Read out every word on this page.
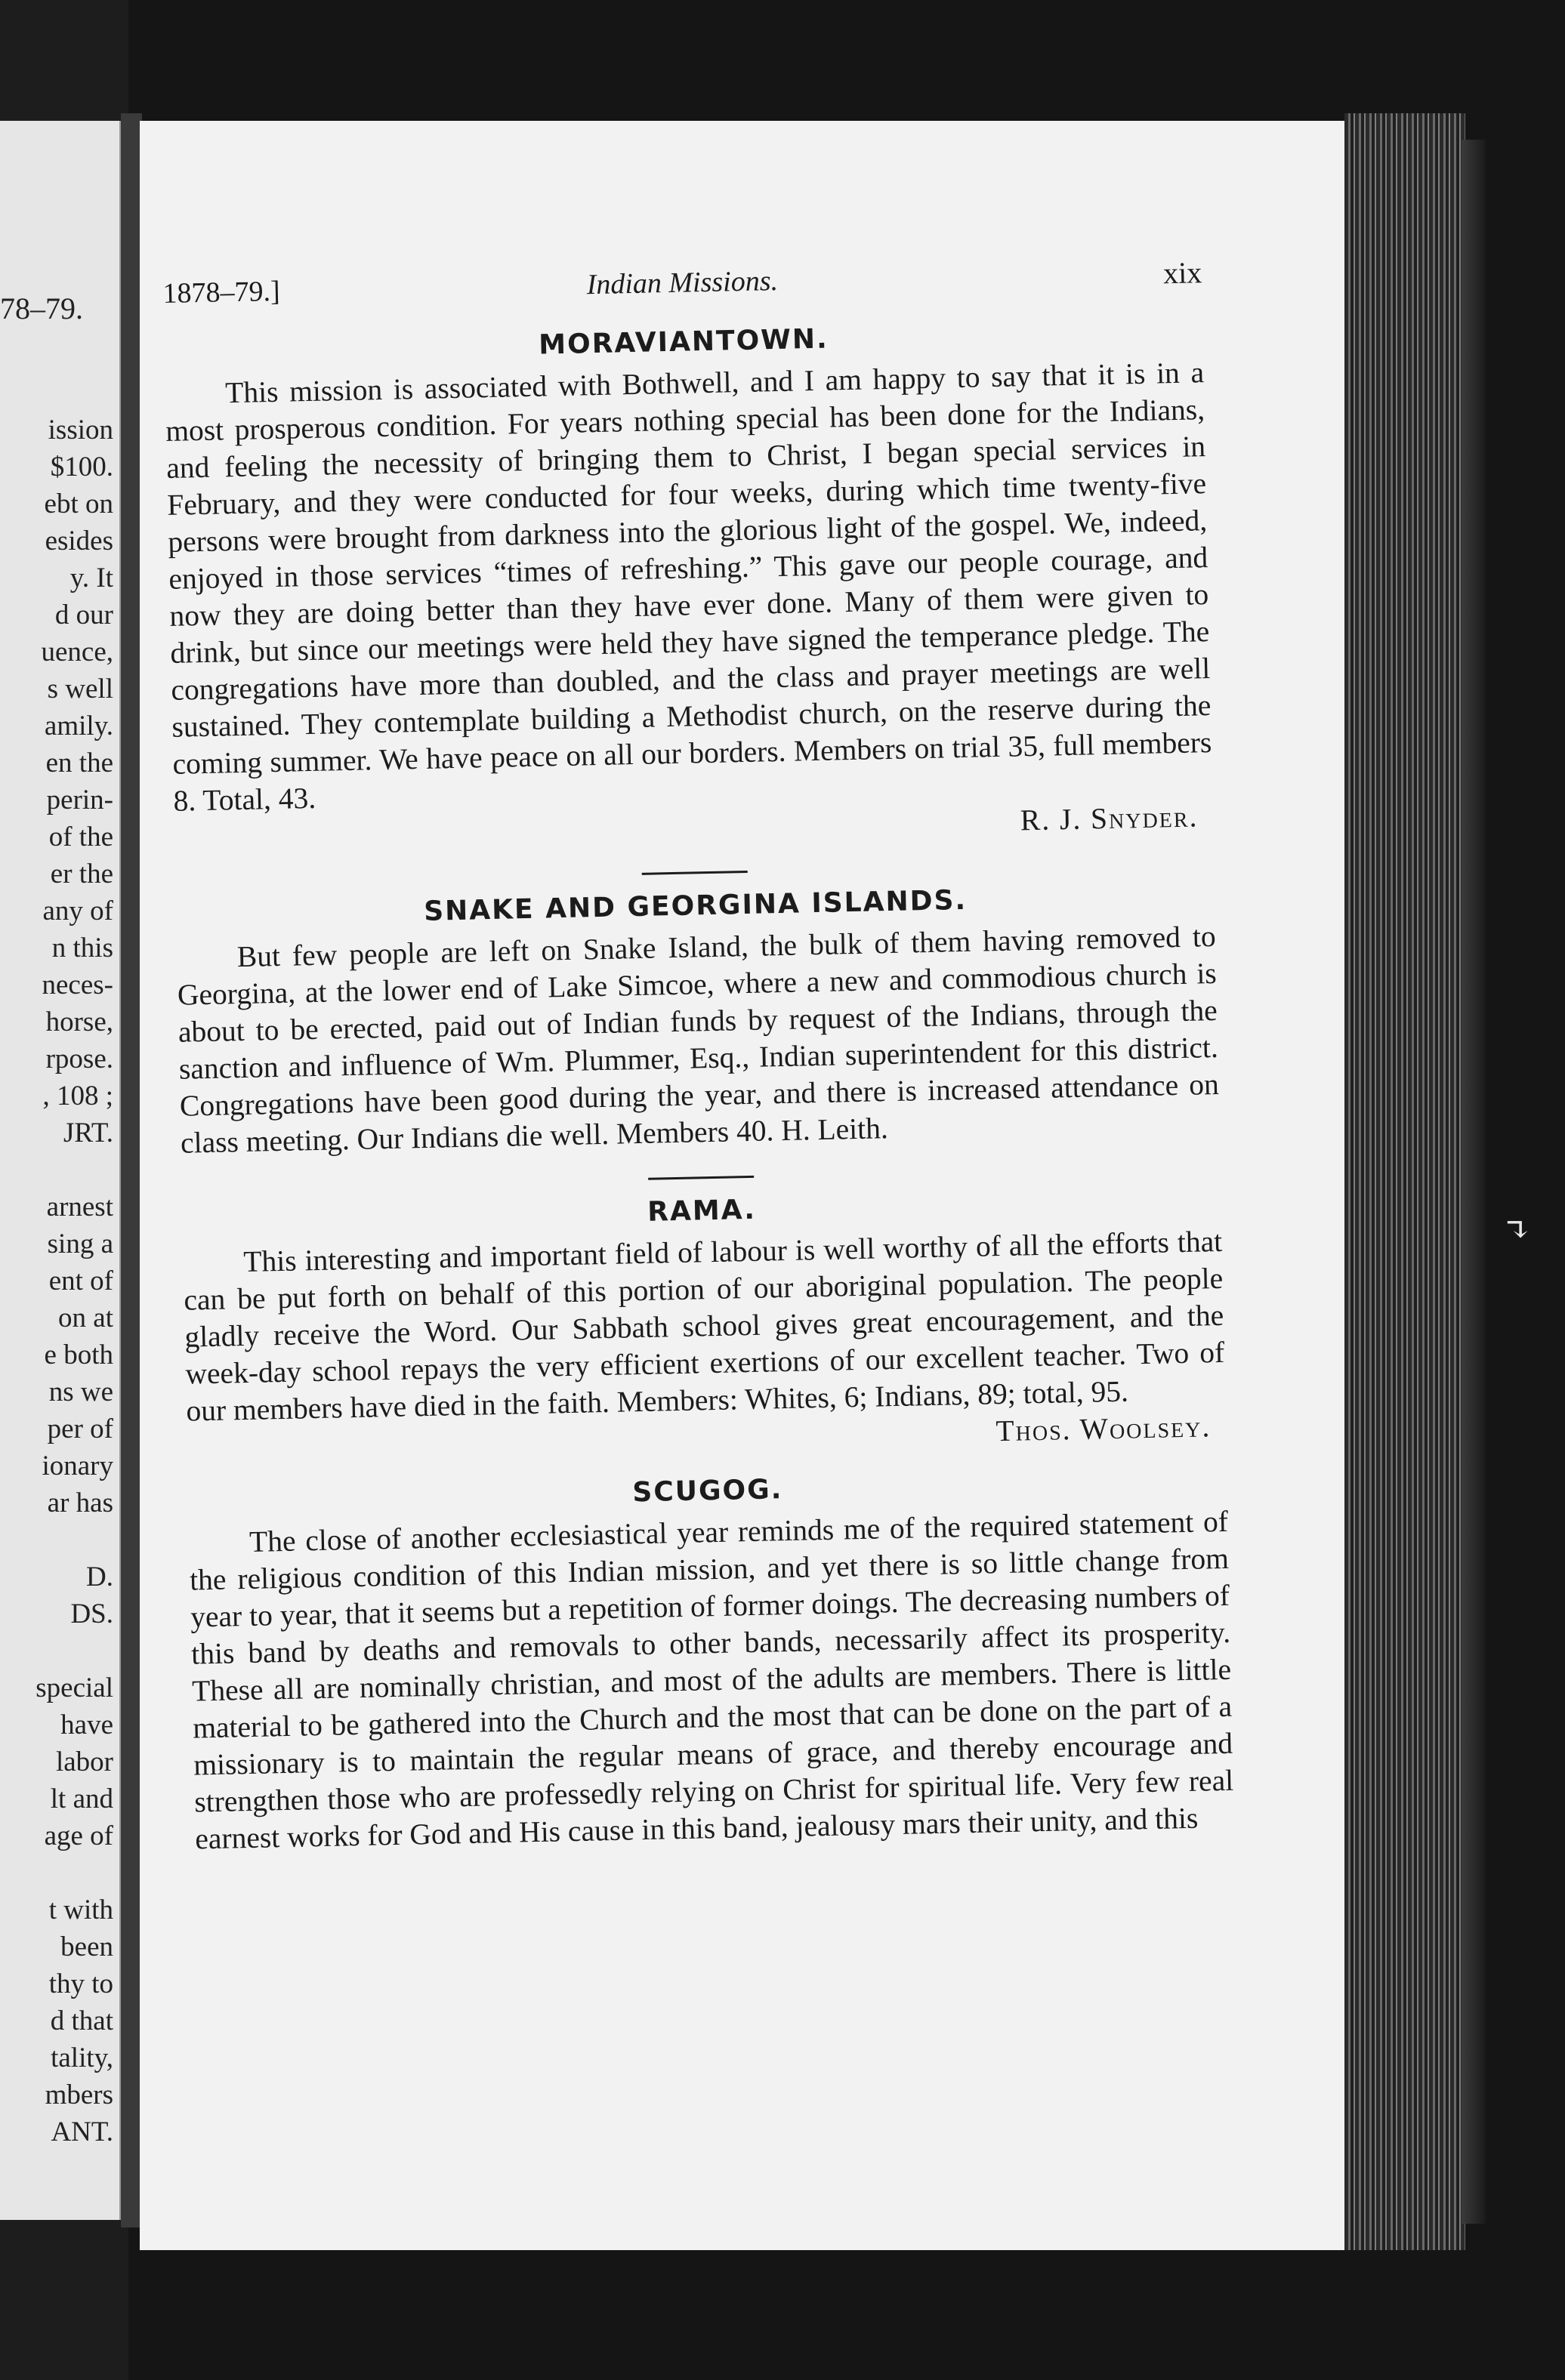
78–79.
ission
$100.
ebt on
esides
y. It
d our
uence,
s well
amily.
en the
perin-
of the
er the
any of
n this
neces-
horse,
rpose.
, 108 ;
JRT.
arnest
sing a
ent of
on at
e both
ns we
per of
ionary
ar has
D.
DS.
special
have
labor
lt and
age of
t with
been
thy to
d that
tality,
mbers
ANT.
1878–79.]	Indian Missions.	xix
MORAVIANTOWN.

This mission is associated with Bothwell, and I am happy to say that it is in a most prosperous condition. For years nothing special has been done for the Indians, and feeling the necessity of bringing them to Christ, I began special services in February, and they were conducted for four weeks, during which time twenty-five persons were brought from darkness into the glorious light of the gospel. We, indeed, enjoyed in those services “times of refreshing.” This gave our people courage, and now they are doing better than they have ever done. Many of them were given to drink, but since our meetings were held they have signed the temperance pledge. The congregations have more than doubled, and the class and prayer meetings are well sustained. They contemplate building a Methodist church, on the reserve during the coming summer. We have peace on all our borders. Members on trial 35, full members 8. Total, 43.

R. J. Snyder.

SNAKE AND GEORGINA ISLANDS.

But few people are left on Snake Island, the bulk of them having removed to Georgina, at the lower end of Lake Simcoe, where a new and commodious church is about to be erected, paid out of Indian funds by request of the Indians, through the sanction and influence of Wm. Plummer, Esq., Indian superintendent for this district. Congregations have been good during the year, and there is increased attendance on class meeting. Our Indians die well. Members 40. H. Leith.

RAMA.

This interesting and important field of labour is well worthy of all the efforts that can be put forth on behalf of this portion of our aboriginal population. The people gladly receive the Word. Our Sabbath school gives great encouragement, and the week-day school repays the very efficient exertions of our excellent teacher. Two of our members have died in the faith. Members: Whites, 6; Indians, 89; total, 95.

Thos. Woolsey.

SCUGOG.

The close of another ecclesiastical year reminds me of the required statement of the religious condition of this Indian mission, and yet there is so little change from year to year, that it seems but a repetition of former doings. The decreasing numbers of this band by deaths and removals to other bands, necessarily affect its prosperity. These all are nominally christian, and most of the adults are members. There is little material to be gathered into the Church and the most that can be done on the part of a missionary is to maintain the regular means of grace, and thereby encourage and strengthen those who are professedly relying on Christ for spiritual life. Very few real earnest works for God and His cause in this band, jealousy mars their unity, and this

↴
